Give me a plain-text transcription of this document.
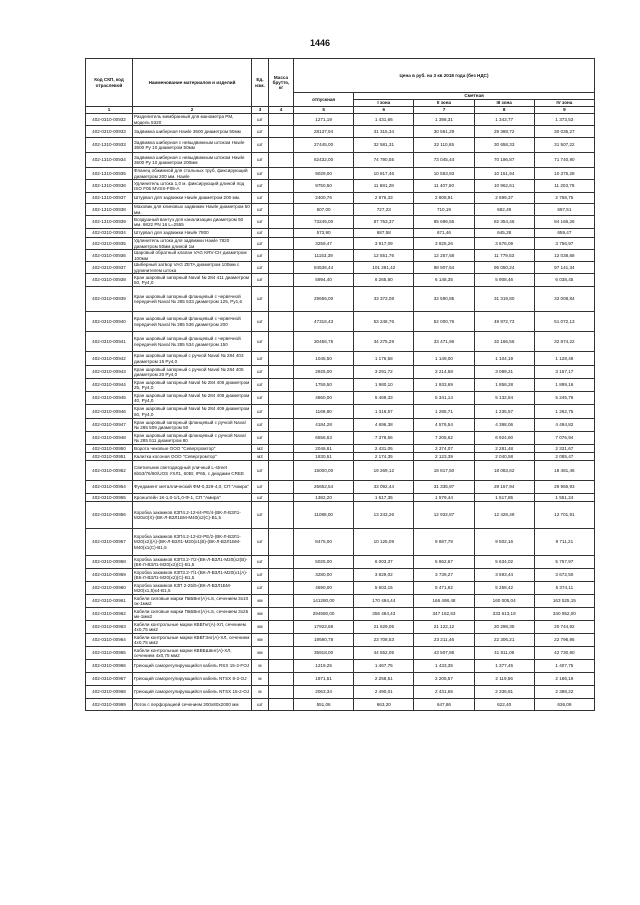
1446
Код СКП, код отраслевой	Наименование материалов и изделий	Ед. изм.	Масса брутто, кг	Цена в руб. на 3 кв 2018 года (без НДС)				
				отпускная	Сметная			
					I зона	II зона	III зона	IV зона
1	2	3	4	5	6	7	8	9
402-0310-00932	Разделитель мембранный для манометра РМ, модель 5320	шт		1271,19	1 431,66	1 398,31	1 343,77	1 373,53
402-0310-00933	Задвижка шиберная Hawle 3600 диаметром 50мм	шт		28137,94	31 315,34	30 561,29	29 388,72	30 035,27
402-1310-00933	Задвижка шиберная с невыдвижным штоком Hawle 3600 Ру 10 диаметром 50мм	шт		27445,00	32 581,31	32 110,65	30 658,33	31 507,22
402-1310-00934	Задвижка шиберная с невыдвижным штоком Hawle 3600 Ру 10 диаметром 200мм	шт		62432,00	74 790,55	73 045,44	70 196,87	71 740,90
402-1310-00935	Фланец обжимной для стальных труб, фиксирующий диаметром 200 мм. Hawle	шт		9029,00	10 817,46	10 563,93	10 151,94	10 375,28
402-1310-00936	Удлинитель штока 1,0 м. фиксирующий длиной под ISO F05 MVSS-F05-A	шт		9750,50	11 681,28	11 407,50	10 962,61	11 203,78
402-1310-00937	Штурвал для задвижки Hawle диаметром 200 мм.	шт		2400,76	2 876,33	2 808,91	2 699,37	2 758,75
402-1310-00938	Маховик для клиновых задвижек Hawle диаметром 50 мм.	шт		607,00	727,23	710,19	682,49	697,51
402-1310-00939	Воздушный вантуз для канализации диаметром 50 мм. 9822 РN 16 L=2555	шт		73245,00	87 753,37	85 696,55	82 354,46	84 166,26
402-0310-00934	Штурвал для задвижки Hawle 7800	шт		573,90	687,58	671,46	645,28	659,47
402-0310-00935	Удлинитель штока для задвижки Hawle 7820 диаметром 50мм длиной 1м	шт		3259,47	3 917,09	3 825,26	3 676,09	3 756,97
402-0310-00936	Шаровый обратный клапан VAG KRV-CH диаметром 100мм	шт		11153,39	12 551,76	12 257,58	11 779,53	12 038,68
402-0310-00937	Шиберный затвор VAG ZETA диаметром 100мм с удлинителем штока	шт		84536,44	101 281,42	98 907,64	95 050,24	97 141,34
402-0310-00938	Кран шаровый запорный Naval № 284 411 диаметром 50, Ру4,0	шт		5994,40	6 265,80	6 148,35	5 908,46	6 038,45
402-0310-00939	Кран шаровый запорный фланцевый с червячной передачей Naval № 285 533 диаметром 125, Ру1,6	шт		29656,00	33 373,08	32 590,85	31 319,80	32 008,84
402-0310-00940	Кран шаровый запорный фланцевый с червячной передачей Naval № 285 536 диаметром 200	шт		47316,43	53 248,76	52 000,76	49 972,73	51 072,13
402-0310-00941	Кран шаровый запорный фланцевый с червячной передачей Naval № 285 534 диаметром 150	шт		30456,75	34 275,29	33 471,96	32 166,56	32 874,22
402-0310-00942	Кран шаровый запорный с ручкой Naval № 284 403 диаметром 15 Ру4,0	шт		1045,50	1 176,58	1 149,00	1 104,19	1 128,49
402-0310-00943	Кран шаровый запорный с ручкой Naval № 284 405 диаметром 20 Ру4,0	шт		2925,00	3 291,72	3 214,58	3 089,21	3 157,17
402-0310-00944	Кран шаровый запорный Naval № 284 406 диаметром 25, Ру4,0	шт		1759,50	1 980,10	1 933,69	1 858,28	1 899,16
402-0310-00945	Кран шаровый запорный Naval № 284 408 диаметром 40, Ру4,0	шт		4860,00	5 469,33	5 341,14	5 132,84	5 245,76
402-0310-00946	Кран шаровый запорный Naval № 284 409 диаметром 50, Ру4,0	шт		1169,80	1 316,57	1 285,71	1 235,57	1 262,75
402-0310-00947	Кран шаровый запорный фланцевый с ручкой Naval № 285 509 диаметром 50	шт		4184,28	4 696,38	4 576,54	4 398,06	4 494,82
402-0310-00948	Кран шаровый запорный фланцевый с ручкой Naval № 285 511 диаметром 80	шт		6556,53	7 378,56	7 205,62	6 924,60	7 076,94
402-0310-00950	Ворота чековые ООО "Севергромтор"	м2		2046,61	2 431,05	2 374,07	2 281,48	2 331,67
402-0310-00951	Калитка косоная ООО "Севергромтор"	м2		1830,51	2 174,35	2 123,39	2 040,58	2 085,47
402-0310-00952	Светильник светодиодный уличный L-street 6b53/76/60/UOS УХЛ1, 60Вт, IP65, с диодами CREE	шт		15000,00	19 269,12	18 817,50	18 083,62	18 481,46
402-0310-00954	Фундамент металлический ФМ-0,329-4,0, СП "Амира"	шт		26652,54	33 092,44	31 335,97	29 157,94	29 965,93
402-0310-00955	Кронштейн 1К-1,0-1/1,0-Ф-1, СП "Амира"	шт		1382,20	1 617,35	1 579,44	1 517,85	1 551,24
402-0310-00956	Коробка закамков КЗП4.2-12ч/4-РЕ/4-(ВК-Л-ВЗЛ1-М20х0(Х)-(ВК-Л-ВЗЛ1БМ-М40(х2(С)-В1,5	шт		11088,00	13 243,26	12 932,87	12 428,49	12 701,91
402-0310-00957	Коробка закамков КЗП4.2-12ч/2-РЕ/2-(ВК-Л-ВЗЛ1-М20(х2)(А)-(ВК-Л-ВЗЛ1-М20(х1(В)-(ВК-Л-ВЗЛ1БМ-М40(х1(С)-В1,5	шт		8475,00	10 125,09	9 887,78	9 502,16	9 711,21
402-0310-00958	Коробка закамков КЗП3.2-7/2-(ВК-Л-ВЗЛ1-М20(х2(В)-(ВК-Л-ВЗЛ1-М20(х2)(С)-В1,5	шт		5025,00	6 003,37	5 862,67	5 634,02	5 757,97
402-0310-00959	Коробка закамков КЗП3.2-7/1-(ВК-Л-ВЗЛ1-М20(х1(А)-(ВК-Л-ВЗЛ1-М20(х2)(С)-В1,5	шт		3280,00	3 829,02	3 739,27	3 593,44	3 672,50
402-0310-00960	Коробка закамков КЗП 2-25/5-(ВК-Л-ВЗЛ1БМ-М20(х1,5)х4-В1,5	шт		4690,00	5 603,15	5 471,82	5 258,42	5 374,11
402-0310-00961	Кабели силовые марки ПвБВнг(А)-LS, сечением 3х10 ок-1мм2	км		141280,00	170 494,44	166 498,48	160 005,04	163 525,15
402-0310-00962	Кабели силовые марки ПвБВнг(А)-LS, сечением 3х25 мк-1мм2	км		294580,00	355 484,43	347 152,53	333 613,19	340 952,00
402-0310-00963	Кабели контрольные марки КВВГнг(А)-ХЛ, сечением 4х0,75 мм2	км		17922,68	21 629,05	21 122,12	20 298,35	20 744,92
402-0310-00964	Кабели контрольные марки КВВГЭнг(А)-ХЛ, сечением 4х0,75 мм2	км		19590,78	23 708,53	23 211,46	22 306,21	22 796,95
402-0310-00965	Кабели контрольные марки КВВБШвнг(А)-ХЛ, сечением 4х0,75 мм2	км		35918,00	44 552,05	43 507,86	41 811,06	42 730,90
402-0310-00966	Греющий саморегулирующийся кабель RSX 15-2-FOJ	м		1219,25	1 467,75	1 433,35	1 377,45	1 407,75
402-0310-00967	Греющий саморегулирующийся кабель NTSX 8-2-OJ	м		1871,51	2 258,51	2 205,57	2 119,56	2 166,19
402-0310-00968	Греющий саморегулирующийся кабель NTSX 15-2-OJ	м		2063,34	2 490,01	2 431,65	2 336,81	2 388,22
402-0310-00969	Лоток с перфорацией сечением 300х80х2000 мм	шт		551,06	663,20	647,86	622,40	636,09
